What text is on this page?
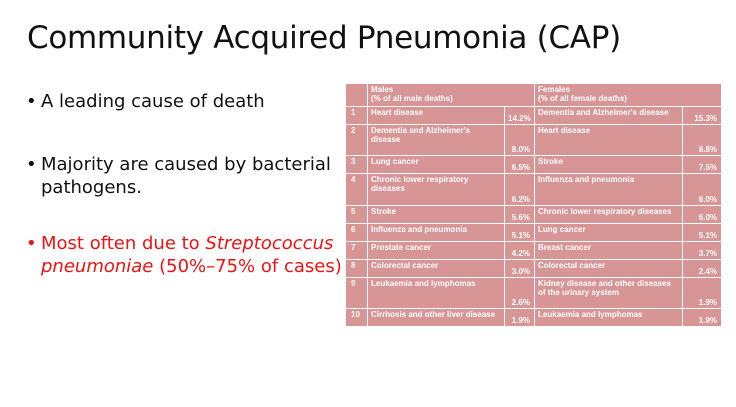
Community Acquired Pneumonia (CAP)
• A leading cause of death
• Majority are caused by bacterial pathogens.
• Most often due to Streptococcus pneumoniae (50%–75% of cases)

	Males
(% of all male deaths)		Females
(% of all female deaths)	

1	Heart disease	14.2%	Dementia and Alzheimer's disease	15.3%
2	Dementia and Alzheimer's disease	8.0%	Heart disease	8.8%
3	Lung cancer	6.5%	Stroke	7.5%
4	Chronic lower respiratory diseases	6.2%	Influenza and pneumonia	6.0%
5	Stroke	5.6%	Chronic lower respiratory diseases	6.0%
6	Influenza and pneumonia	5.1%	Lung cancer	5.1%
7	Prostate cancer	4.2%	Breast cancer	3.7%
8	Colorectal cancer	3.0%	Colorectal cancer	2.4%
9	Leukaemia and lymphomas	2.6%	Kidney disease and other diseases of the urinary system	1.9%
10	Cirrhosis and other liver disease	1.9%	Leukaemia and lymphomas	1.9%
